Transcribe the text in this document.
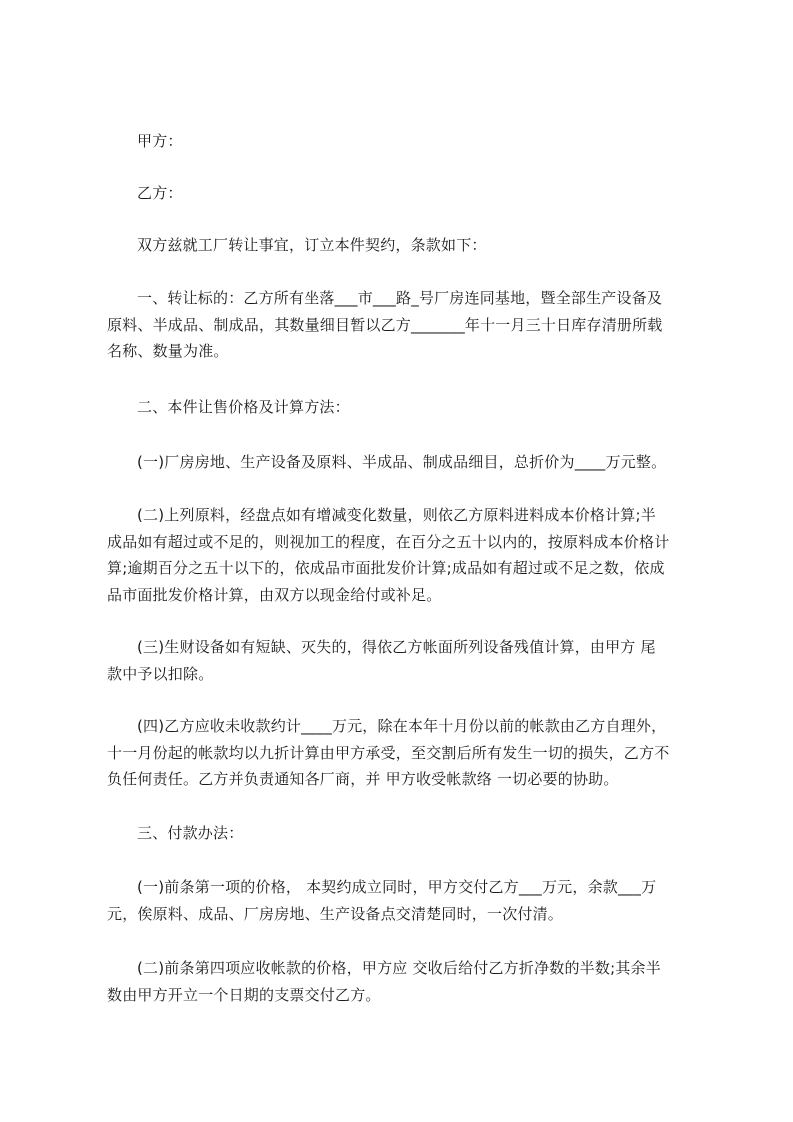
甲方：
乙方：
双方兹就工厂转让事宜，订立本件契约，条款如下：
一、转让标的：乙方所有坐落___市___路_号厂房连同基地，暨全部生产设备及
原料、半成品、制成品，其数量细目暂以乙方_______年十一月三十日库存清册所载
名称、数量为准。
二、本件让售价格及计算方法：
(一)厂房房地、生产设备及原料、半成品、制成品细目，总折价为____万元整。
(二)上列原料，经盘点如有增减变化数量，则依乙方原料进料成本价格计算;半
成品如有超过或不足的，则视加工的程度，在百分之五十以内的，按原料成本价格计
算;逾期百分之五十以下的，依成品市面批发价计算;成品如有超过或不足之数，依成
品市面批发价格计算，由双方以现金给付或补足。
(三)生财设备如有短缺、灭失的，得依乙方帐面所列设备残值计算，由甲方 尾
款中予以扣除。
(四)乙方应收未收款约计____万元，除在本年十月份以前的帐款由乙方自理外，
十一月份起的帐款均以九折计算由甲方承受，至交割后所有发生一切的损失，乙方不
负任何责任。乙方并负责通知各厂商，并 甲方收受帐款络 一切必要的协助。
三、付款办法：
(一)前条第一项的价格， 本契约成立同时，甲方交付乙方___万元，余款___万
元，俟原料、成品、厂房房地、生产设备点交清楚同时，一次付清。
(二)前条第四项应收帐款的价格，甲方应 交收后给付乙方折净数的半数;其余半
数由甲方开立一个日期的支票交付乙方。
